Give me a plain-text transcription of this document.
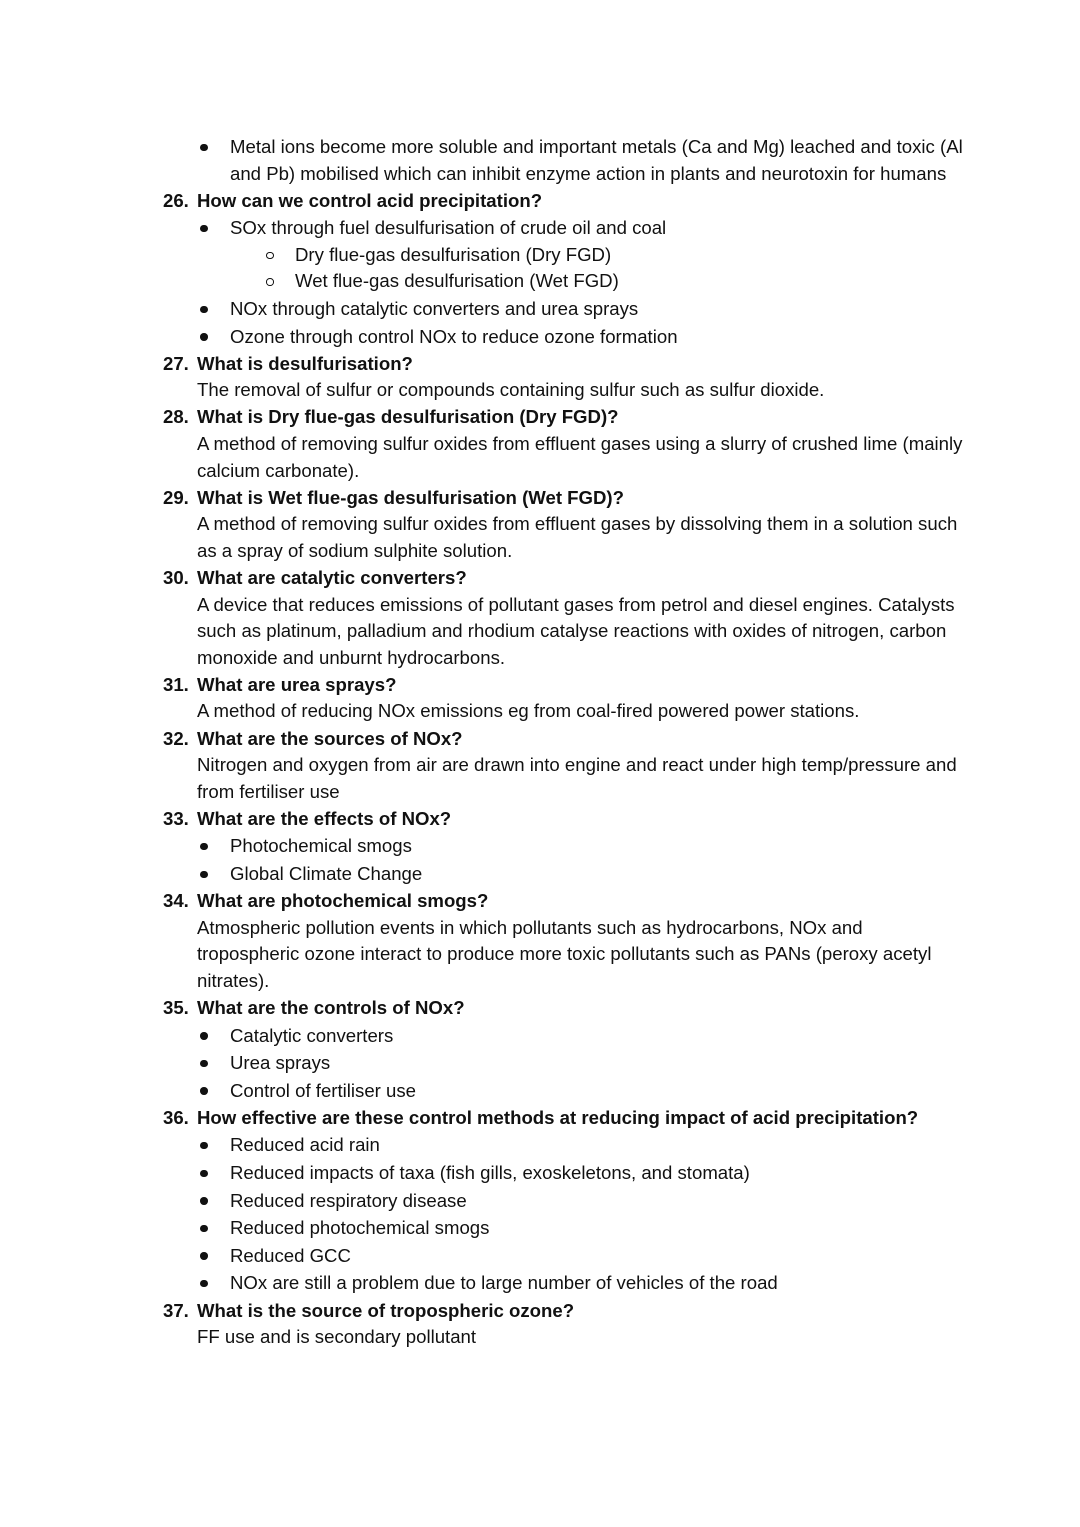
Metal ions become more soluble and important metals (Ca and Mg) leached and toxic (Al and Pb) mobilised which can inhibit enzyme action in plants and neurotoxin for humans
26. How can we control acid precipitation?
SOx through fuel desulfurisation of crude oil and coal
Dry flue-gas desulfurisation (Dry FGD)
Wet flue-gas desulfurisation (Wet FGD)
NOx through catalytic converters and urea sprays
Ozone through control NOx to reduce ozone formation
27. What is desulfurisation?
The removal of sulfur or compounds containing sulfur such as sulfur dioxide.
28. What is Dry flue-gas desulfurisation (Dry FGD)?
A method of removing sulfur oxides from effluent gases using a slurry of crushed lime (mainly calcium carbonate).
29. What is Wet flue-gas desulfurisation (Wet FGD)?
A method of removing sulfur oxides from effluent gases by dissolving them in a solution such as a spray of sodium sulphite solution.
30. What are catalytic converters?
A device that reduces emissions of pollutant gases from petrol and diesel engines. Catalysts such as platinum, palladium and rhodium catalyse reactions with oxides of nitrogen, carbon monoxide and unburnt hydrocarbons.
31. What are urea sprays?
A method of reducing NOx emissions eg from coal-fired powered power stations.
32. What are the sources of NOx?
Nitrogen and oxygen from air are drawn into engine and react under high temp/pressure and from fertiliser use
33. What are the effects of NOx?
Photochemical smogs
Global Climate Change
34. What are photochemical smogs?
Atmospheric pollution events in which pollutants such as hydrocarbons, NOx and tropospheric ozone interact to produce more toxic pollutants such as PANs (peroxy acetyl nitrates).
35. What are the controls of NOx?
Catalytic converters
Urea sprays
Control of fertiliser use
36. How effective are these control methods at reducing impact of acid precipitation?
Reduced acid rain
Reduced impacts of taxa (fish gills, exoskeletons, and stomata)
Reduced respiratory disease
Reduced photochemical smogs
Reduced GCC
NOx are still a problem due to large number of vehicles of the road
37. What is the source of tropospheric ozone?
FF use and is secondary pollutant
